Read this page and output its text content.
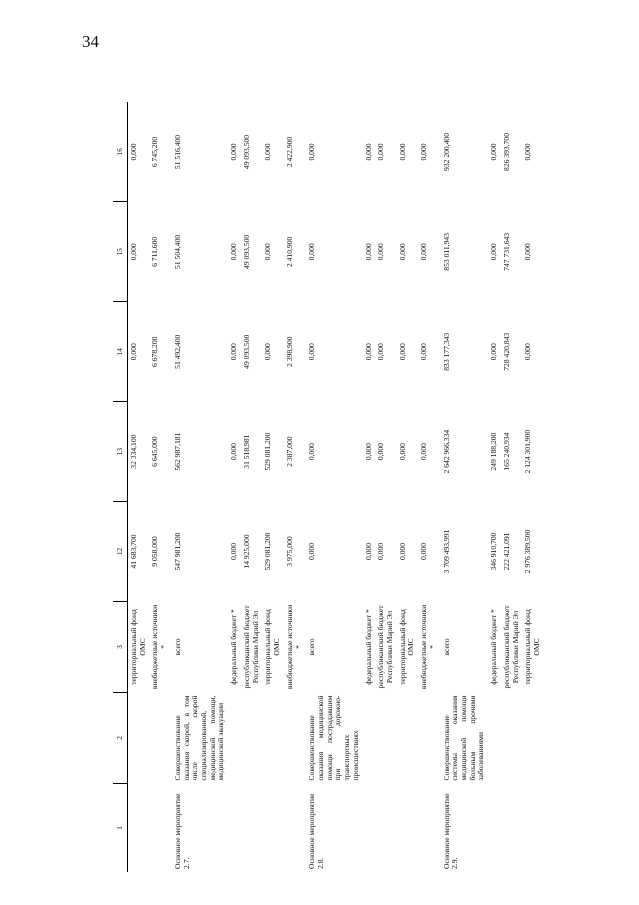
34
1	2	3	12	13	14	15	16
		территориальный фонд ОМС	41 683,700	32 334,100	0,000	0,000	0,000
		внебюджетные источники *	9 058,000	6 645,000	6 678,200	6 711,600	6 745,200
Основное мероприятие 2.7.	Совершенствование оказания скорой, в том числе скорой специализированной, медицинской помощи, медицинской эвакуации	всего	547 981,200	562 987,181	51 492,400	51 504,400	51 516,400
		федеральный бюджет *	0,000	0,000	0,000	0,000	0,000
		республиканский бюджет Республики Марий Эл	14 925,000	31 518,981	49 093,500	49 093,500	49 093,500
		территориальный фонд ОМС	529 081,200	529 081,200	0,000	0,000	0,000
		внебюджетные источники *	3 975,000	2 387,000	2 398,900	2 410,900	2 422,900
Основное мероприятие 2.8.	Совершенствование оказания медицинской помощи пострадавшим при дорожно-транспортных происшествиях	всего	0,000	0,000	0,000	0,000	0,000
		федеральный бюджет *	0,000	0,000	0,000	0,000	0,000
		республиканский бюджет Республики Марий Эл	0,000	0,000	0,000	0,000	0,000
		территориальный фонд ОМС	0,000	0,000	0,000	0,000	0,000
		внебюджетные источники *	0,000	0,000	0,000	0,000	0,000
Основное мероприятие 2.9.	Совершенствование системы оказания медицинской помощи больным прочими заболеваниями	всего	3 709 493,991	2 642 966,334	833 177,343	853 011,943	932 200,400
		федеральный бюджет *	346 910,700	249 188,200	0,000	0,000	0,000
		республиканский бюджет Республики Марий Эл	222 421,091	165 240,934	728 420,843	747 731,643	826 393,700
		территориальный фонд ОМС	2 976 389,500	2 124 301,900	0,000	0,000	0,000
